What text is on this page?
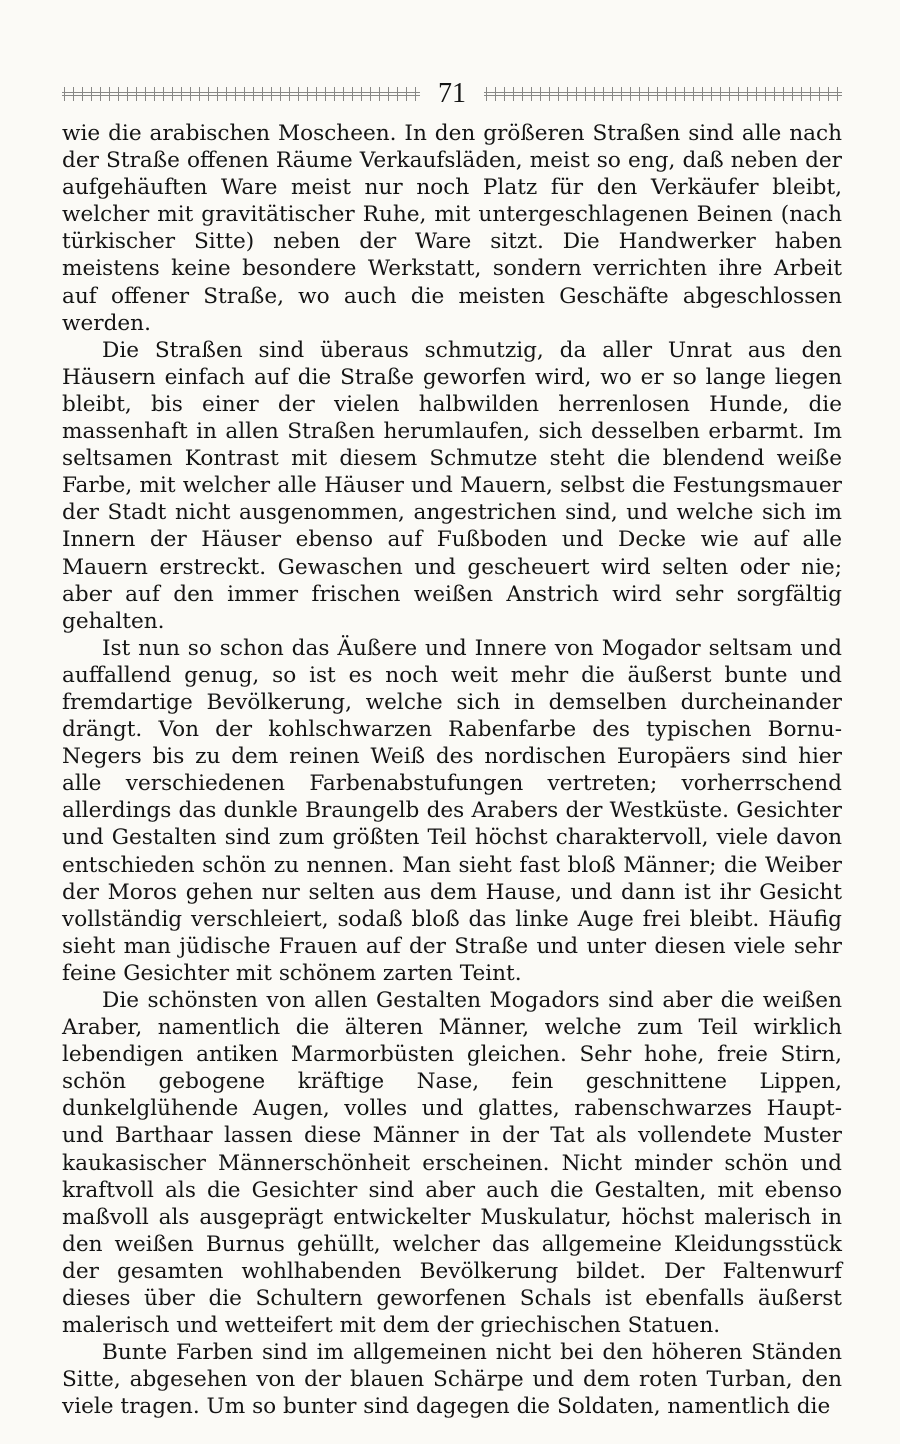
71

wie die arabischen Moscheen. In den größeren Straßen sind alle nach der Straße offenen Räume Verkaufsläden, meist so eng, daß neben der aufgehäuften Ware meist nur noch Platz für den Verkäufer bleibt, welcher mit gravitätischer Ruhe, mit untergeschlagenen Beinen (nach türkischer Sitte) neben der Ware sitzt. Die Handwerker haben meistens keine besondere Werkstatt, sondern verrichten ihre Arbeit auf offener Straße, wo auch die meisten Geschäfte abgeschlossen werden.

Die Straßen sind überaus schmutzig, da aller Unrat aus den Häusern einfach auf die Straße geworfen wird, wo er so lange liegen bleibt, bis einer der vielen halbwilden herrenlosen Hunde, die massenhaft in allen Straßen herumlaufen, sich desselben erbarmt. Im seltsamen Kontrast mit diesem Schmutze steht die blendend weiße Farbe, mit welcher alle Häuser und Mauern, selbst die Festungsmauer der Stadt nicht ausgenommen, angestrichen sind, und welche sich im Innern der Häuser ebenso auf Fußboden und Decke wie auf alle Mauern erstreckt. Gewaschen und gescheuert wird selten oder nie; aber auf den immer frischen weißen Anstrich wird sehr sorgfältig gehalten.

Ist nun so schon das Äußere und Innere von Mogador seltsam und auffallend genug, so ist es noch weit mehr die äußerst bunte und fremdartige Bevölkerung, welche sich in demselben durcheinander drängt. Von der kohlschwarzen Rabenfarbe des typischen Bornu-Negers bis zu dem reinen Weiß des nordischen Europäers sind hier alle verschiedenen Farbenabstufungen vertreten; vorherrschend allerdings das dunkle Braungelb des Arabers der Westküste. Gesichter und Gestalten sind zum größten Teil höchst charaktervoll, viele davon entschieden schön zu nennen. Man sieht fast bloß Männer; die Weiber der Moros gehen nur selten aus dem Hause, und dann ist ihr Gesicht vollständig verschleiert, sodaß bloß das linke Auge frei bleibt. Häufig sieht man jüdische Frauen auf der Straße und unter diesen viele sehr feine Gesichter mit schönem zarten Teint.

Die schönsten von allen Gestalten Mogadors sind aber die weißen Araber, namentlich die älteren Männer, welche zum Teil wirklich lebendigen antiken Marmorbüsten gleichen. Sehr hohe, freie Stirn, schön gebogene kräftige Nase, fein geschnittene Lippen, dunkelglühende Augen, volles und glattes, rabenschwarzes Haupt- und Barthaar lassen diese Männer in der Tat als vollendete Muster kaukasischer Männerschönheit erscheinen. Nicht minder schön und kraftvoll als die Gesichter sind aber auch die Gestalten, mit ebenso maßvoll als ausgeprägt entwickelter Muskulatur, höchst malerisch in den weißen Burnus gehüllt, welcher das allgemeine Kleidungsstück der gesamten wohlhabenden Bevölkerung bildet. Der Faltenwurf dieses über die Schultern geworfenen Schals ist ebenfalls äußerst malerisch und wetteifert mit dem der griechischen Statuen.

Bunte Farben sind im allgemeinen nicht bei den höheren Ständen Sitte, abgesehen von der blauen Schärpe und dem roten Turban, den viele tragen. Um so bunter sind dagegen die Soldaten, namentlich die
